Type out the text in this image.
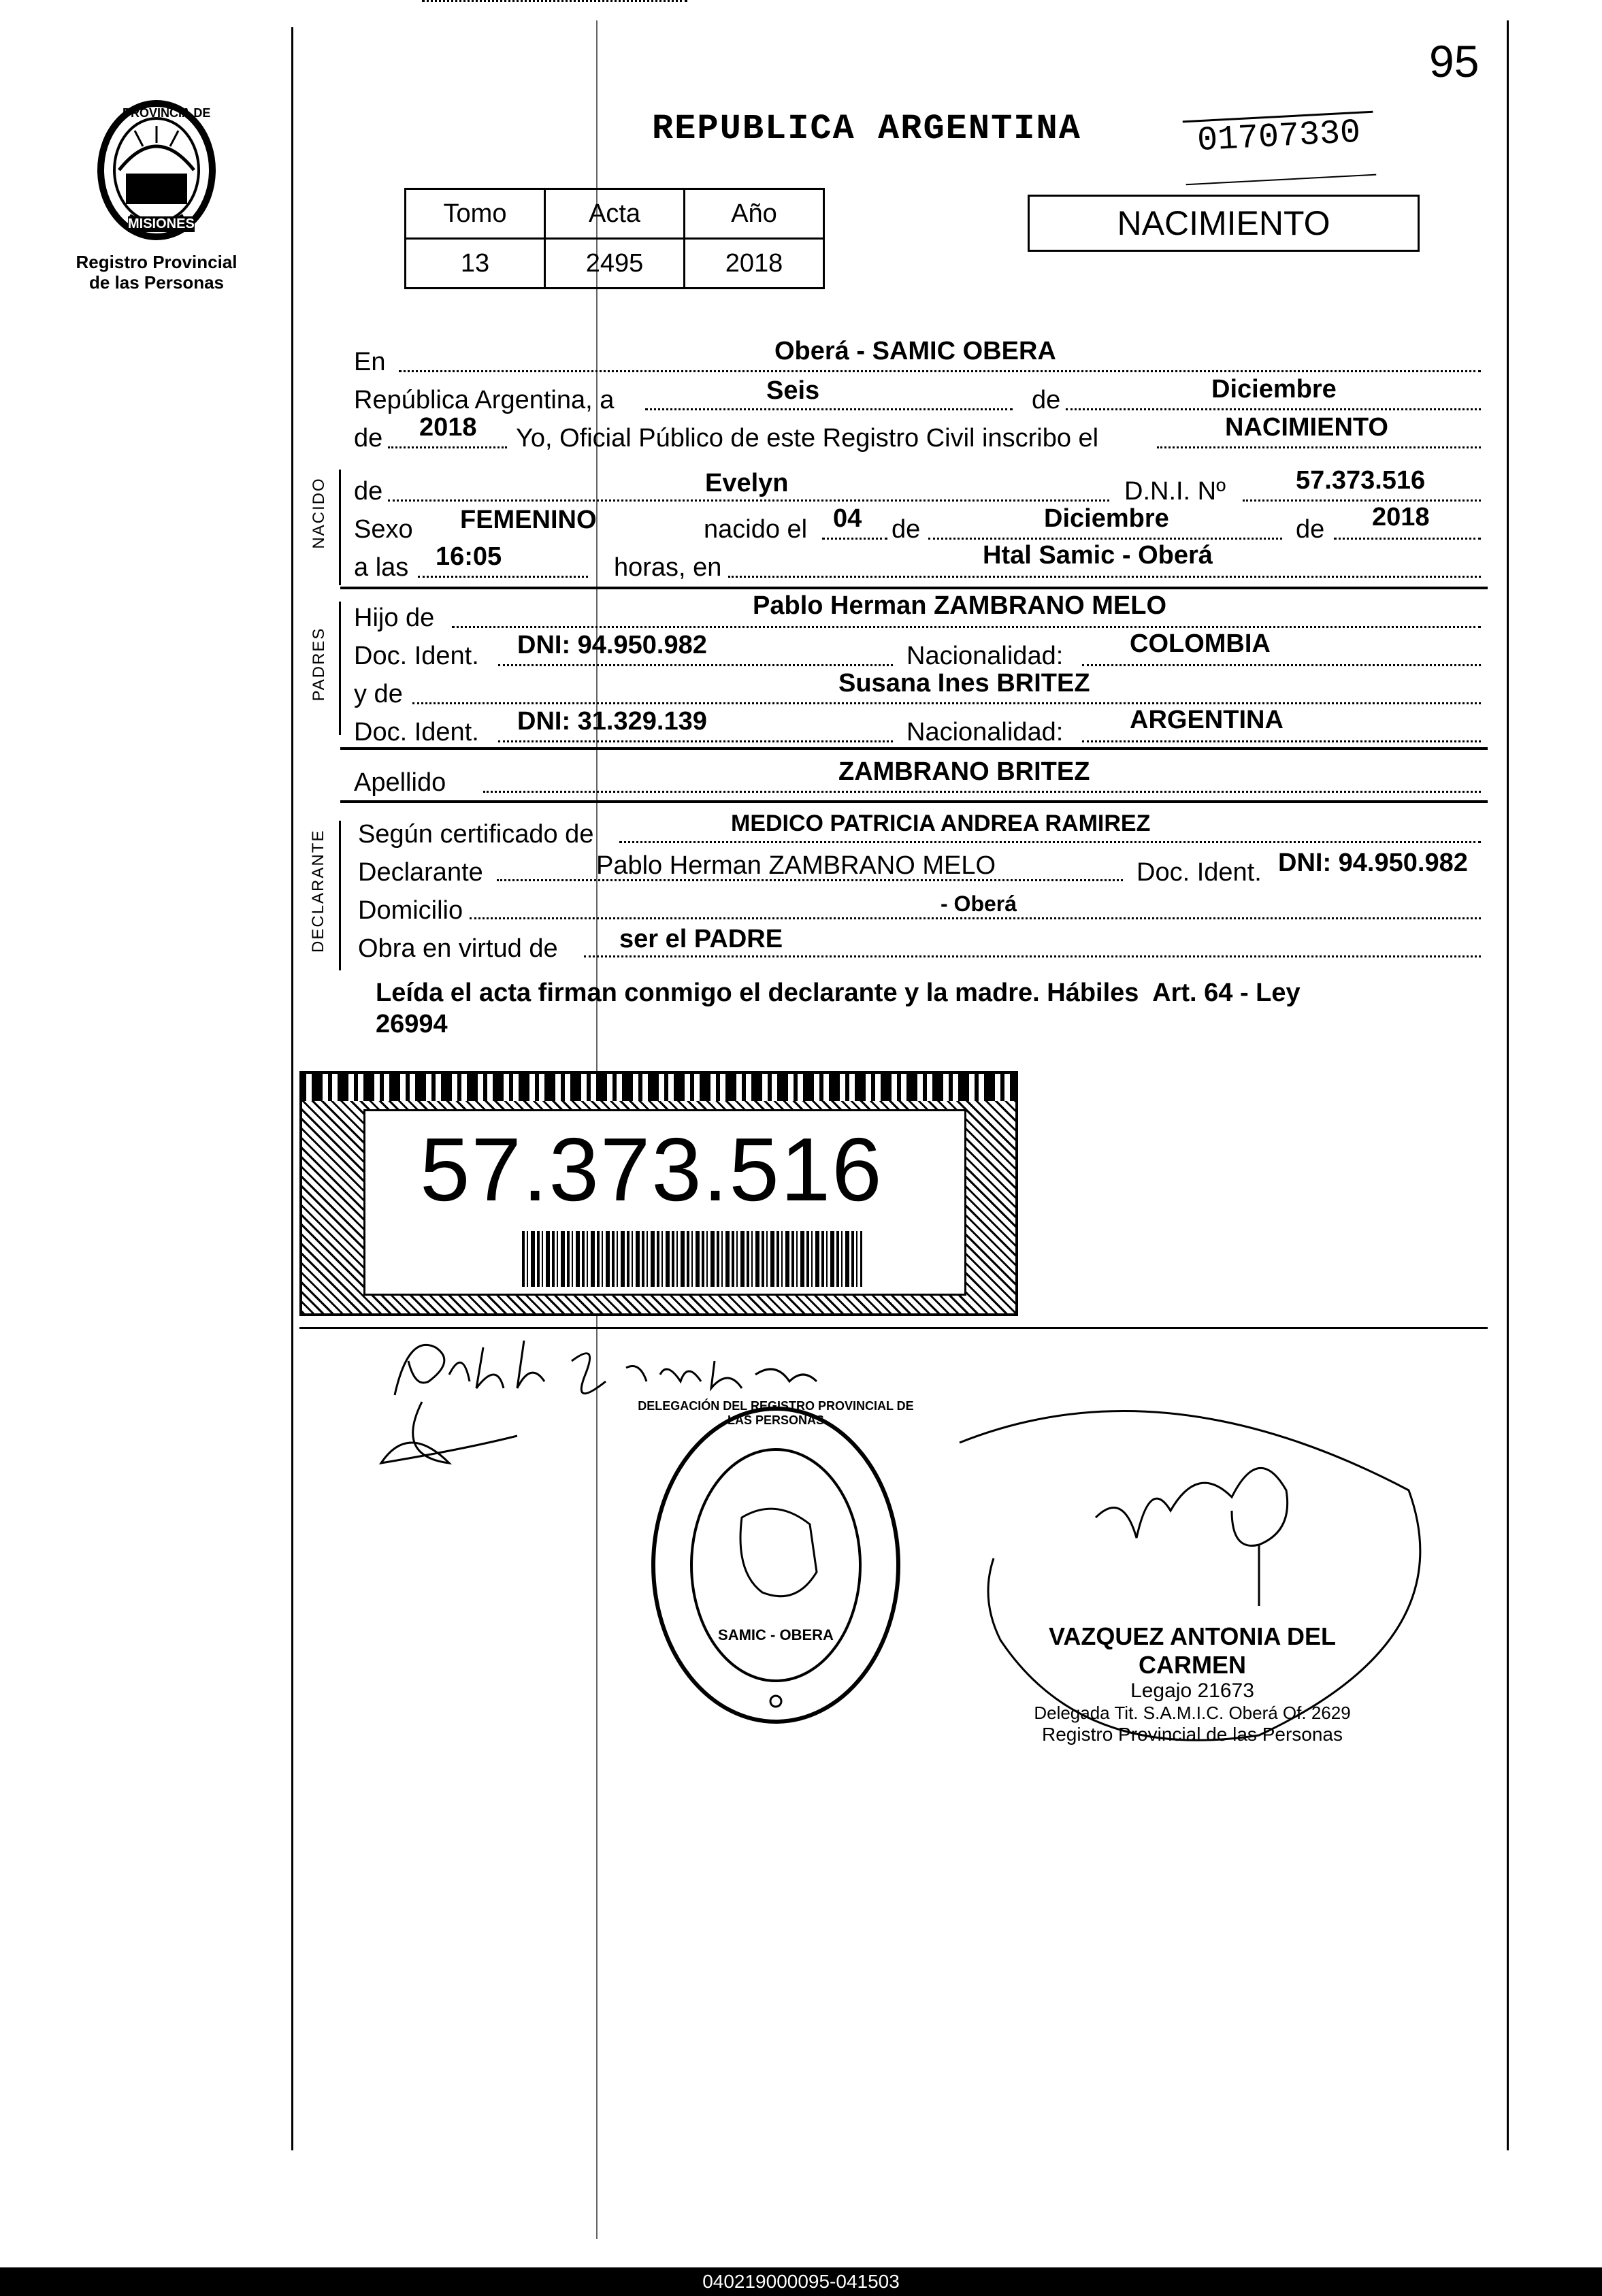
95
PROVINCIA DE
MISIONES
Registro Provincial
de las Personas
REPUBLICA ARGENTINA	01707330
Tomo	Acta	Año
13	2495	2018
NACIMIENTO
En	Oberá - SAMIC OBERA
República Argentina, a	Seis	de	Diciembre
de 2018 Yo, Oficial Público de este Registro Civil inscribo el	NACIMIENTO
NACIDO de	Evelyn	D.N.I. Nº	57.373.516
Sexo FEMENINO	nacido el 04 de	Diciembre	de 2018
a las 16:05	horas, en	Htal Samic - Oberá
PADRES
Hijo de	Pablo Herman ZAMBRANO MELO
Doc. Ident. DNI: 94.950.982	Nacionalidad:	COLOMBIA
y de	Susana Ines BRITEZ
Doc. Ident. DNI: 31.329.139	Nacionalidad:	ARGENTINA
Apellido	ZAMBRANO BRITEZ
DECLARANTE Según certificado de	MEDICO PATRICIA ANDREA RAMIREZ
Declarante	Pablo Herman ZAMBRANO MELO	Doc. Ident. DNI: 94.950.982
Domicilio	- Oberá
Obra en virtud de ser el PADRE
Leída el acta firman conmigo el declarante y la madre. Hábiles  Art. 64 - Ley
26994
57.373.516
DELEGACIÓN DEL REGISTRO PROVINCIAL DE LAS PERSONAS
SAMIC - OBERA	VAZQUEZ ANTONIA DEL CARMEN
Legajo 21673
Delegada Tit. S.A.M.I.C. Oberá Of. 2629
Registro Provincial de las Personas
040219000095-041503
